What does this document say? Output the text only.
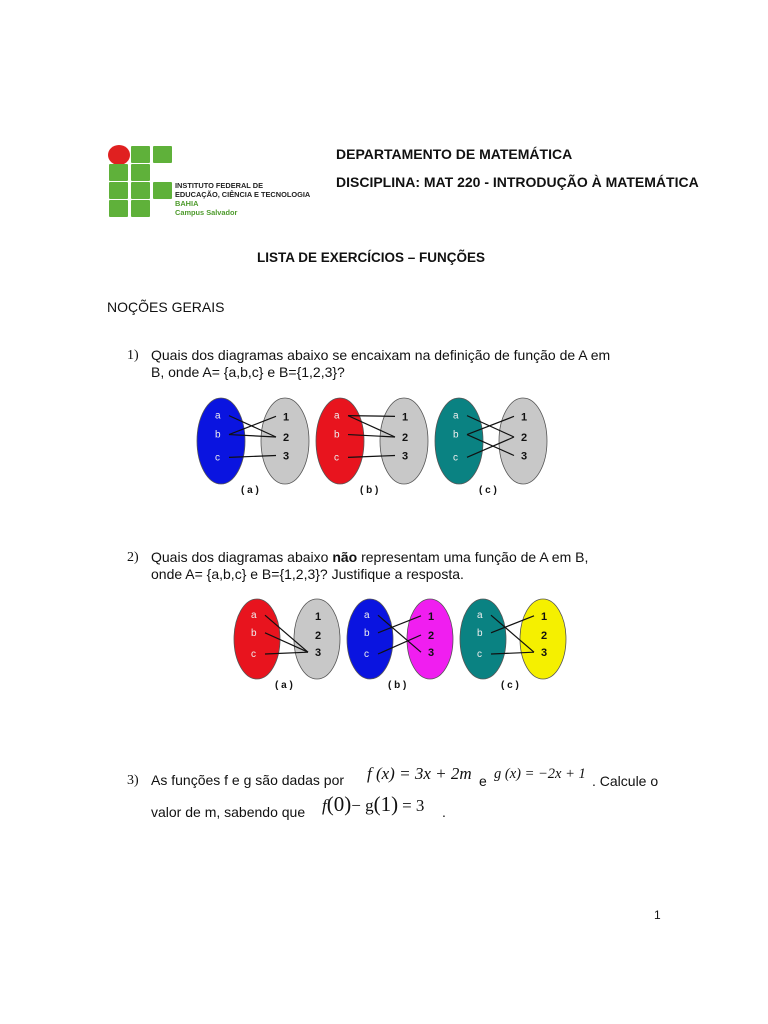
INSTITUTO FEDERAL DE
EDUCAÇÃO, CIÊNCIA E TECNOLOGIA
BAHIA
Campus Salvador
DEPARTAMENTO DE MATEMÁTICA
DISCIPLINA: MAT 220 - INTRODUÇÃO À MATEMÁTICA
LISTA DE EXERCÍCIOS – FUNÇÕES
NOÇÕES GERAIS
1) Quais dos diagramas abaixo se encaixam na definição de função de A em
B, onde A= {a,b,c} e B={1,2,3}?
a
b
c
1
2
3
( a )
a
b
c
1
2
3
( b )
a
b
c
1
2
3
( c )
2) Quais dos diagramas abaixo não representam uma função de A em B,
onde A= {a,b,c} e B={1,2,3}? Justifique a resposta.
a
b
c
1
2
3
( a )
a
b
c
1
2
3
( b )
a
b
c
1
2
3
( c )
3) As funções f e g são dadas por f (x) = 3x + 2m e g (x) = −2x + 1 . Calcule o
valor de m, sabendo que f(0)− g(1) = 3 .
1
